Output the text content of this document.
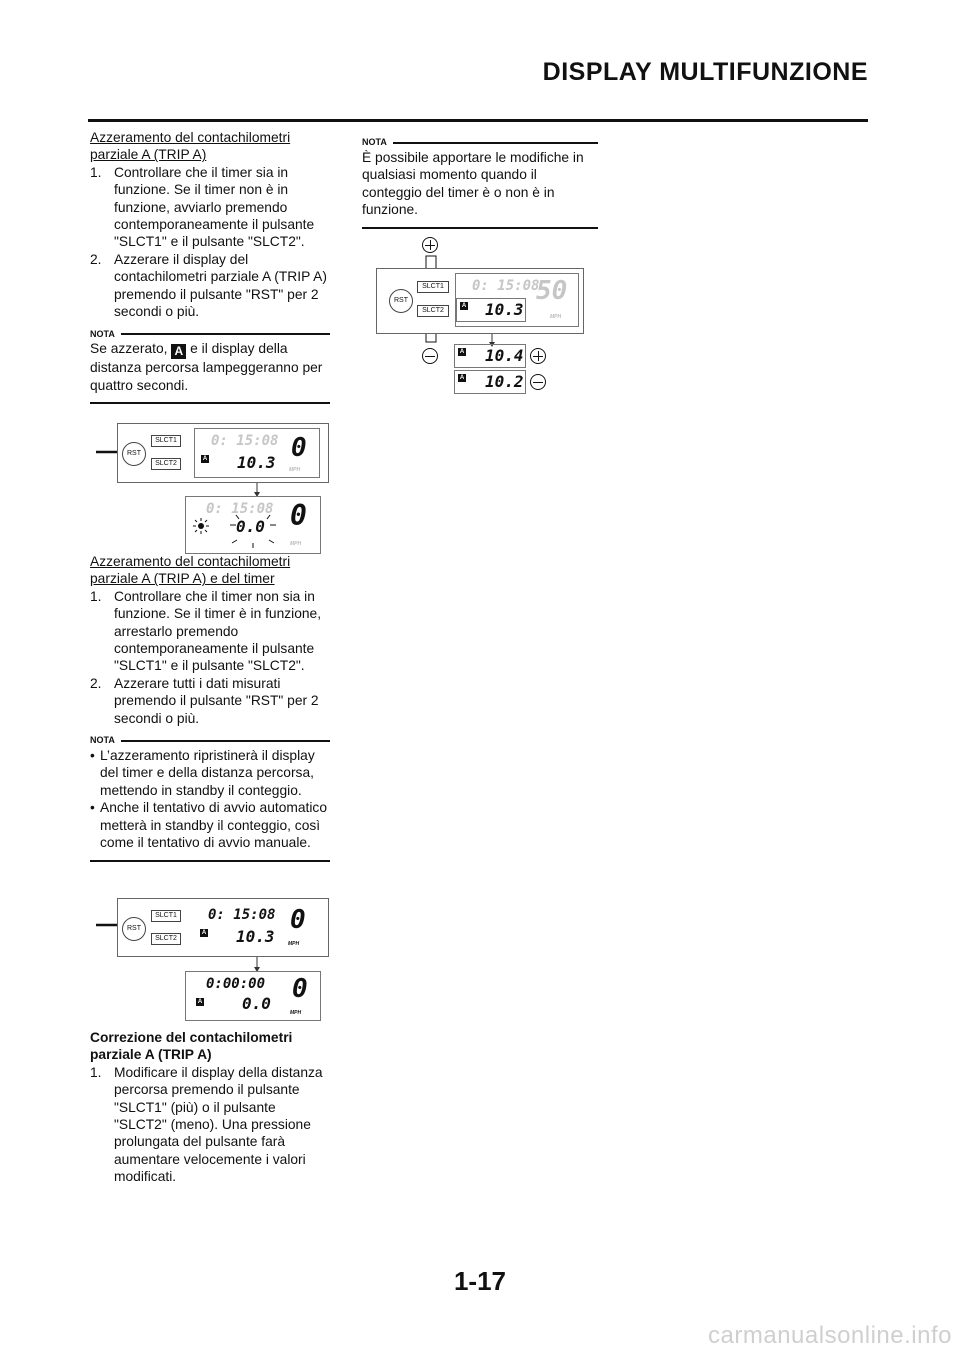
DISPLAY MULTIFUNZIONE

Azzeramento del contachilometri parziale A (TRIP A)

1. Controllare che il timer sia in funzione. Se il timer non è in funzione, avviarlo premendo contemporaneamente il pulsante "SLCT1" e il pulsante "SLCT2".
2. Azzerare il display del contachilometri parziale A (TRIP A) premendo il pulsante "RST" per 2 secondi o più.
NOTA

Se azzerato, A e il display della distanza percorsa lampeggeranno per quattro secondi.

RST
SLCT1
SLCT2
0: 15:08 0
A 10.3	MPH
0: 15:08 0
0.0
MPH

Azzeramento del contachilometri parziale A (TRIP A) e del timer

1. Controllare che il timer non sia in funzione. Se il timer è in funzione, arrestarlo premendo contemporaneamente il pulsante "SLCT1" e il pulsante "SLCT2".
2. Azzerare tutti i dati misurati premendo il pulsante "RST" per 2 secondi o più.
NOTA
• L’azzeramento ripristinerà il display del timer e della distanza percorsa, mettendo in standby il conteggio.
• Anche il tentativo di avvio automatico metterà in standby il conteggio, così come il tentativo di avvio manuale.
RST
SLCT1
SLCT2
0: 15:08 0
A 10.3	MPH
0:00:00 0
A 0.0	MPH

Correzione del contachilometri parziale A (TRIP A)

1. Modificare il display della distanza percorsa premendo il pulsante "SLCT1" (più) o il pulsante "SLCT2" (meno). Una pressione prolungata del pulsante farà aumentare velocemente i valori modificati.
NOTA

È possibile apportare le modifiche in qualsiasi momento quando il conteggio del timer è o non è in funzione.

RST
SLCT1
SLCT2
0: 15:08
50
A 10.3	MPH
A 10.4
A 10.2
1-17
carmanualsonline.info
